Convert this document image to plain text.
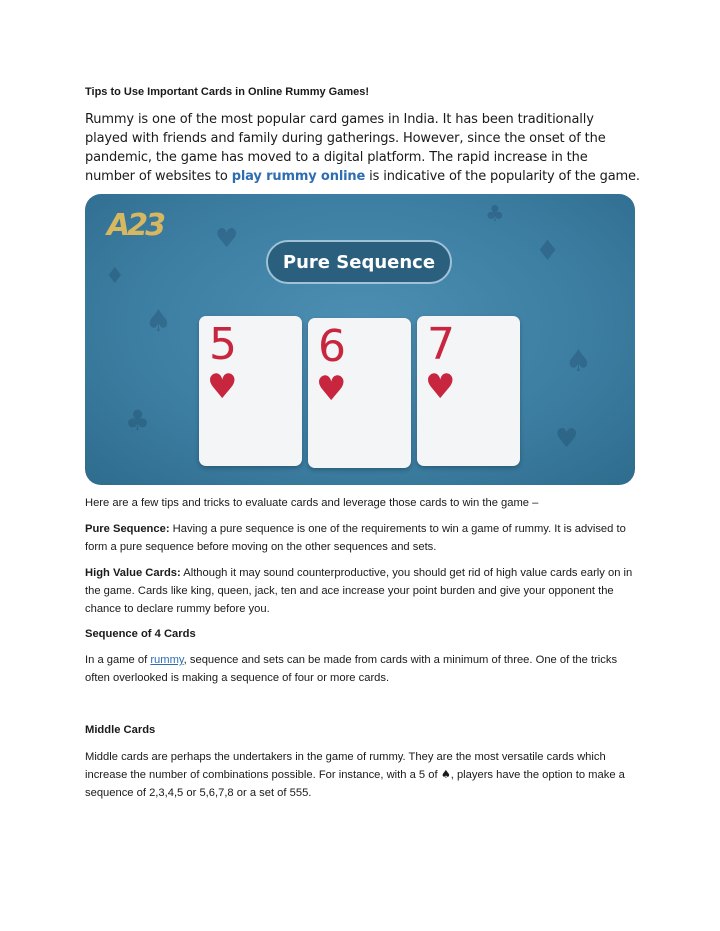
Tips to Use Important Cards in Online Rummy Games!
Rummy is one of the most popular card games in India. It has been traditionally played with friends and family during gatherings. However, since the onset of the pandemic, the game has moved to a digital platform. The rapid increase in the number of websites to play rummy online is indicative of the popularity of the game.
♠
♥
♣
♦
♠
♥
♣
♦
A23
Pure Sequence
5
♥
6
♥
7
♥
Here are a few tips and tricks to evaluate cards and leverage those cards to win the game –
Pure Sequence: Having a pure sequence is one of the requirements to win a game of rummy. It is advised to form a pure sequence before moving on the other sequences and sets.
High Value Cards: Although it may sound counterproductive, you should get rid of high value cards early on in the game. Cards like king, queen, jack, ten and ace increase your point burden and give your opponent the chance to declare rummy before you.
Sequence of 4 Cards
In a game of rummy, sequence and sets can be made from cards with a minimum of three. One of the tricks often overlooked is making a sequence of four or more cards.
Middle Cards
Middle cards are perhaps the undertakers in the game of rummy. They are the most versatile cards which increase the number of combinations possible. For instance, with a 5 of ♠, players have the option to make a sequence of 2,3,4,5 or 5,6,7,8 or a set of 555.
